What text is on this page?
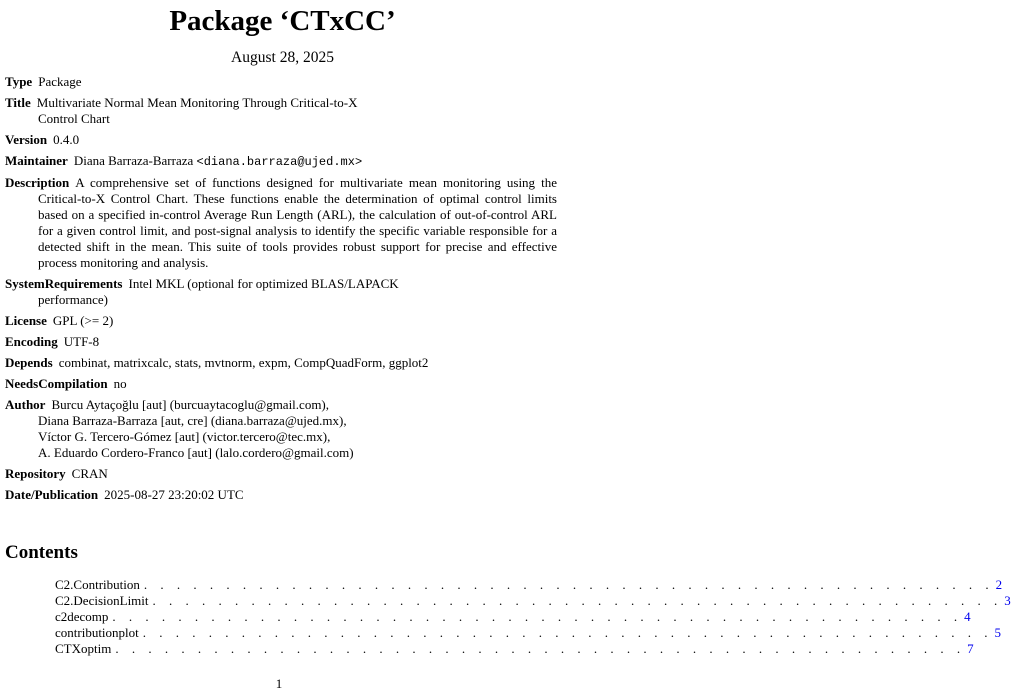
Package ‘CTxCC’
August 28, 2025
Type Package
Title Multivariate Normal Mean Monitoring Through Critical-to-X Control Chart
Version 0.4.0
Maintainer Diana Barraza-Barraza <diana.barraza@ujed.mx>
Description A comprehensive set of functions designed for multivariate mean monitoring using the Critical-to-X Control Chart. These functions enable the determination of optimal control limits based on a specified in-control Average Run Length (ARL), the calculation of out-of-control ARL for a given control limit, and post-signal analysis to identify the specific variable responsible for a detected shift in the mean. This suite of tools provides robust support for precise and effective process monitoring and analysis.
SystemRequirements Intel MKL (optional for optimized BLAS/LAPACK performance)
License GPL (>= 2)
Encoding UTF-8
Depends combinat, matrixcalc, stats, mvtnorm, expm, CompQuadForm, ggplot2
NeedsCompilation no
Author Burcu Aytaçoğlu [aut] (burcuaytacoglu@gmail.com),
Diana Barraza-Barraza [aut, cre] (diana.barraza@ujed.mx),
Víctor G. Tercero-Gómez [aut] (victor.tercero@tec.mx),
A. Eduardo Cordero-Franco [aut] (lalo.cordero@gmail.com)
Repository CRAN
Date/Publication 2025-08-27 23:20:02 UTC
Contents
C2.Contribution . . . . . . . . . . . . . . . . . . . . . . . . . . . . . . . . . . . . . . . . . . . . . . . . . . . . 2
C2.DecisionLimit . . . . . . . . . . . . . . . . . . . . . . . . . . . . . . . . . . . . . . . . . . . . . . . . . . . . 3
c2decomp . . . . . . . . . . . . . . . . . . . . . . . . . . . . . . . . . . . . . . . . . . . . . . . . . . . . 4
contributionplot . . . . . . . . . . . . . . . . . . . . . . . . . . . . . . . . . . . . . . . . . . . . . . . . . . . . 5
CTXoptim . . . . . . . . . . . . . . . . . . . . . . . . . . . . . . . . . . . . . . . . . . . . . . . . . . . . 7
1
